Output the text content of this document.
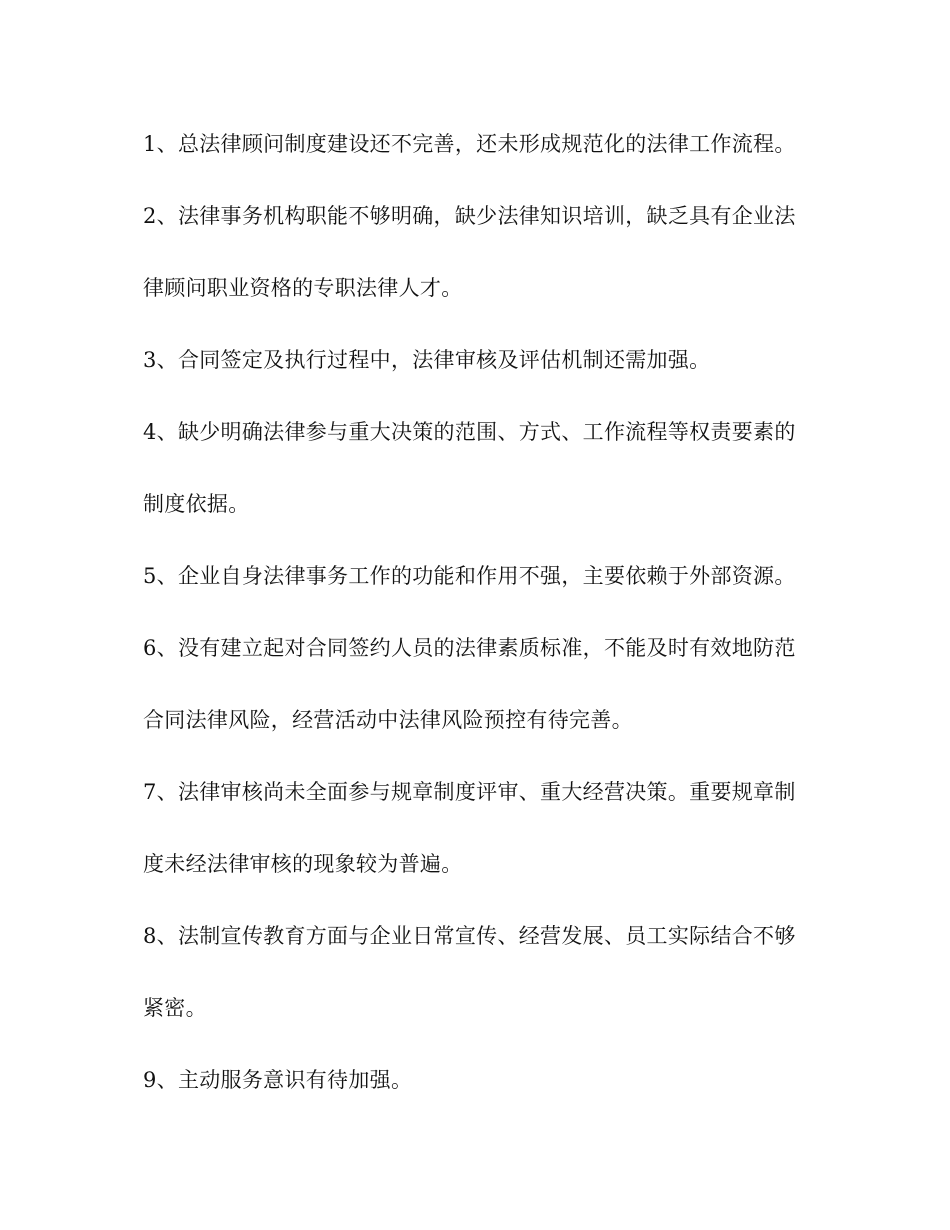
1、总法律顾问制度建设还不完善，还未形成规范化的法律工作流程。
2、法律事务机构职能不够明确，缺少法律知识培训，缺乏具有企业法
律顾问职业资格的专职法律人才。
3、合同签定及执行过程中，法律审核及评估机制还需加强。
4、缺少明确法律参与重大决策的范围、方式、工作流程等权责要素的
制度依据。
5、企业自身法律事务工作的功能和作用不强，主要依赖于外部资源。
6、没有建立起对合同签约人员的法律素质标准，不能及时有效地防范
合同法律风险，经营活动中法律风险预控有待完善。
7、法律审核尚未全面参与规章制度评审、重大经营决策。重要规章制
度未经法律审核的现象较为普遍。
8、法制宣传教育方面与企业日常宣传、经营发展、员工实际结合不够
紧密。
9、主动服务意识有待加强。
